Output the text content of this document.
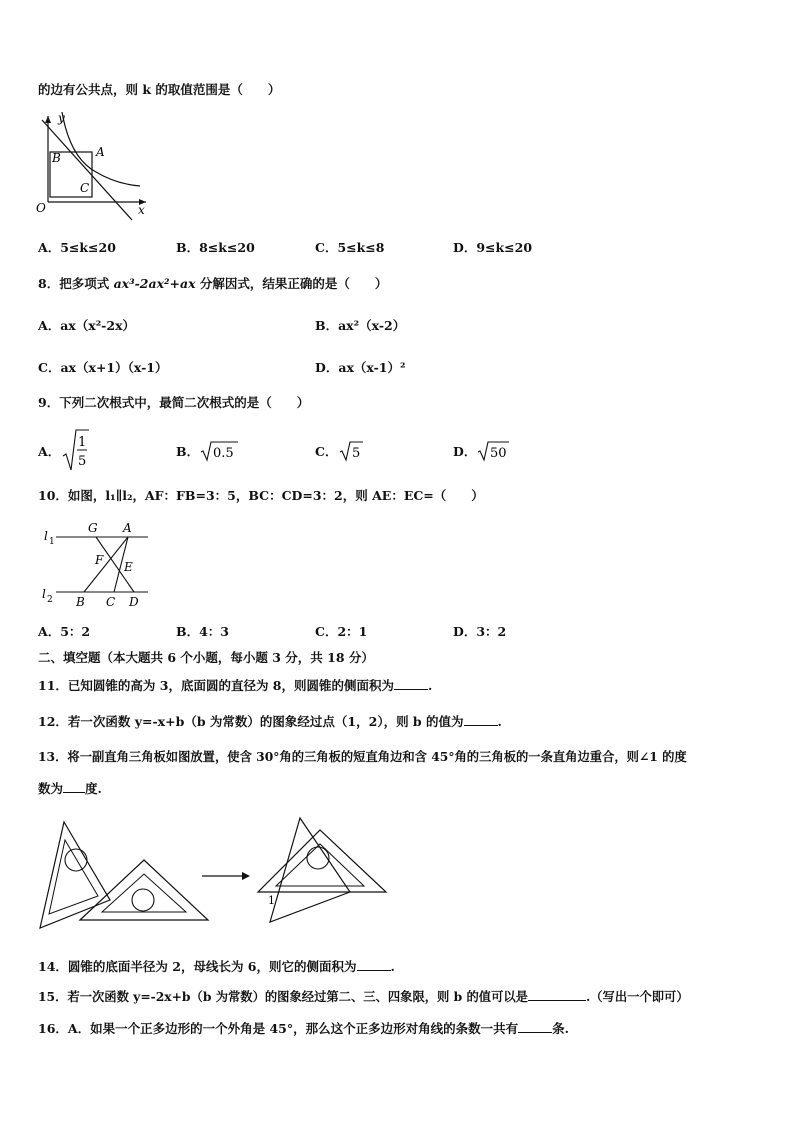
的边有公共点，则 k 的取值范围是（　　）
y
x
O
A
B
C
A．5≤k≤20	B．8≤k≤20	C．5≤k≤8	D．9≤k≤20
8．把多项式 ax³-2ax²+ax 分解因式，结果正确的是（　　）
A．ax（x²-2x）	B．ax²（x-2）
C．ax（x+1）（x-1）	D．ax（x-1）²
9．下列二次根式中，最简二次根式的是（　　）
A．
1
5
B． 0.5	C． 5	D． 50
10．如图，l₁∥l₂，AF：FB=3：5，BC：CD=3：2，则 AE：EC=（　　）
l 1
l 2
G A
F E
B C D
A．5：2	B．4：3	C．2：1	D．3：2
二、填空题（本大题共 6 个小题，每小题 3 分，共 18 分）
11．已知圆锥的高为 3，底面圆的直径为 8，则圆锥的侧面积为	.
12．若一次函数 y=-x+b（b 为常数）的图象经过点（1，2），则 b 的值为	.
13．将一副直角三角板如图放置，使含 30°角的三角板的短直角边和含 45°角的三角板的一条直角边重合，则∠1 的度
数为 度.
1
14．圆锥的底面半径为 2，母线长为 6，则它的侧面积为	.
15．若一次函数 y=-2x+b（b 为常数）的图象经过第二、三、四象限，则 b 的值可以是	.（写出一个即可）
16．A．如果一个正多边形的一个外角是 45°，那么这个正多边形对角线的条数一共有	条.
